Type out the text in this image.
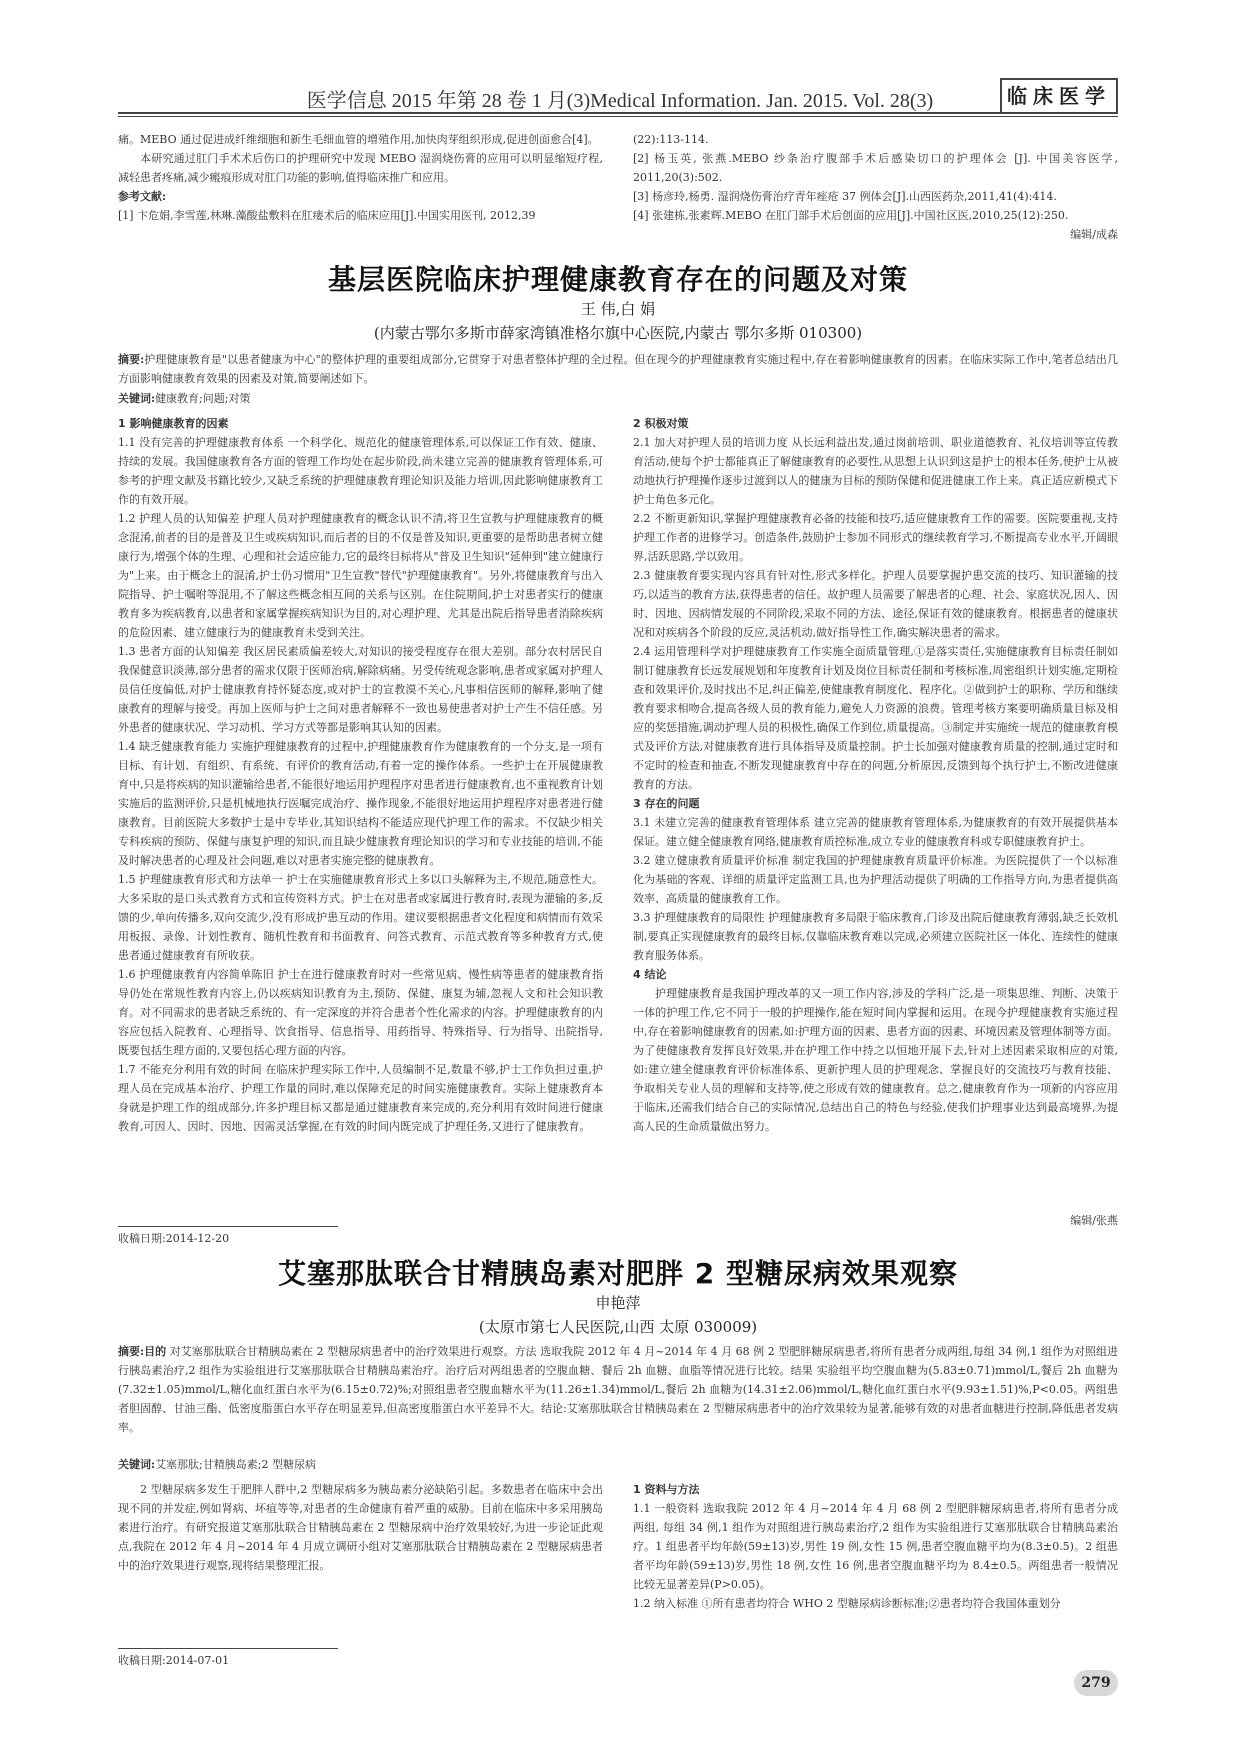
医学信息 2015 年第 28 卷 1 月(3)Medical Information. Jan. 2015. Vol. 28(3)	临床医学

痛。MEBO 通过促进成纤维细胞和新生毛细血管的增殖作用,加快肉芽组织形成,促进创面愈合[4]。

本研究通过肛门手术术后伤口的护理研究中发现 MEBO 湿润烧伤膏的应用可以明显缩短疗程,减轻患者疼痛,减少瘢痕形成对肛门功能的影响,值得临床推广和应用。

参考文献:

[1] 卞危娟,李雪莲,林琳.藻酸盐敷料在肛瘘术后的临床应用[J].中国实用医刊, 2012,39

(22):113-114.

[2] 杨玉英, 张燕.MEBO 纱条治疗腹部手术后感染切口的护理体会 [J]. 中国美容医学, 2011,20(3):502.

[3] 杨彦玲,杨勇. 湿润烧伤膏治疗青年痤疮 37 例体会[J].山西医药杂,2011,41(4):414.

[4] 张建栋,张素辉.MEBO 在肛门部手术后创面的应用[J].中国社区医,2010,25(12):250.

编辑/成森

基层医院临床护理健康教育存在的问题及对策
王 伟,白 娟
(内蒙古鄂尔多斯市薛家湾镇准格尔旗中心医院,内蒙古 鄂尔多斯 010300)
摘要:护理健康教育是"以患者健康为中心"的整体护理的重要组成部分,它贯穿于对患者整体护理的全过程。但在现今的护理健康教育实施过程中,存在着影响健康教育的因素。在临床实际工作中,笔者总结出几方面影响健康教育效果的因素及对策,简要阐述如下。
关键词:健康教育;问题;对策

1 影响健康教育的因素

1.1 没有完善的护理健康教育体系 一个科学化、规范化的健康管理体系,可以保证工作有效、健康、持续的发展。我国健康教育各方面的管理工作均处在起步阶段,尚未建立完善的健康教育管理体系,可参考的护理文献及书籍比较少,又缺乏系统的护理健康教育理论知识及能力培训,因此影响健康教育工作的有效开展。

1.2 护理人员的认知偏差 护理人员对护理健康教育的概念认识不清,将卫生宣教与护理健康教育的概念混淆,前者的目的是普及卫生或疾病知识,而后者的目的不仅是普及知识,更重要的是帮助患者树立健康行为,增强个体的生理、心理和社会适应能力,它的最终目标将从"普及卫生知识"延伸到"建立健康行为"上来。由于概念上的混淆,护士仍习惯用"卫生宣教"替代"护理健康教育"。另外,将健康教育与出入院指导、护士嘱咐等混用,不了解这些概念相互间的关系与区别。在住院期间,护士对患者实行的健康教育多为疾病教育,以患者和家属掌握疾病知识为目的,对心理护理、尤其是出院后指导患者消除疾病的危险因素、建立健康行为的健康教育未受到关注。

1.3 患者方面的认知偏差 我区居民素质偏差较大,对知识的接受程度存在很大差别。部分农村居民自我保健意识淡薄,部分患者的需求仅限于医师治病,解除病痛。另受传统观念影响,患者或家属对护理人员信任度偏低,对护士健康教育持怀疑态度,或对护士的宣教漠不关心,凡事相信医师的解释,影响了健康教育的理解与接受。再加上医师与护士之间对患者解释不一致也易使患者对护士产生不信任感。另外患者的健康状况、学习动机、学习方式等都是影响其认知的因素。

1.4 缺乏健康教育能力 实施护理健康教育的过程中,护理健康教育作为健康教育的一个分支,是一项有目标、有计划、有组织、有系统、有评价的教育活动,有着一定的操作体系。一些护士在开展健康教育中,只是将疾病的知识灌输给患者,不能很好地运用护理程序对患者进行健康教育,也不重视教育计划实施后的监测评价,只是机械地执行医嘱完成治疗、操作现象,不能很好地运用护理程序对患者进行健康教育。目前医院大多数护士是中专毕业,其知识结构不能适应现代护理工作的需求。不仅缺少相关专科疾病的预防、保健与康复护理的知识,而且缺少健康教育理论知识的学习和专业技能的培训,不能及时解决患者的心理及社会问题,难以对患者实施完整的健康教育。

1.5 护理健康教育形式和方法单一 护士在实施健康教育形式上多以口头解释为主,不规范,随意性大。大多采取的是口头式教育方式和宣传资料方式。护士在对患者或家属进行教育时,表现为灌输的多,反馈的少,单向传播多,双向交流少,没有形成护患互动的作用。建议要根据患者文化程度和病情而有效采用板报、录像、计划性教育、随机性教育和书面教育、问答式教育、示范式教育等多种教育方式,使患者通过健康教育有所收获。

1.6 护理健康教育内容简单陈旧 护士在进行健康教育时对一些常见病、慢性病等患者的健康教育指导仍处在常规性教育内容上,仍以疾病知识教育为主,预防、保健、康复为辅,忽视人文和社会知识教育。对不同需求的患者缺乏系统的、有一定深度的并符合患者个性化需求的内容。护理健康教育的内容应包括入院教育、心理指导、饮食指导、信息指导、用药指导、特殊指导、行为指导、出院指导,既要包括生理方面的,又要包括心理方面的内容。

1.7 不能充分利用有效的时间 在临床护理实际工作中,人员编制不足,数量不够,护士工作负担过重,护理人员在完成基本治疗、护理工作量的同时,难以保障充足的时间实施健康教育。实际上健康教育本身就是护理工作的组成部分,许多护理目标又都是通过健康教育来完成的,充分利用有效时间进行健康教育,可因人、因时、因地、因需灵活掌握,在有效的时间内既完成了护理任务,又进行了健康教育。

2 积极对策

2.1 加大对护理人员的培训力度 从长远利益出发,通过岗前培训、职业道德教育、礼仪培训等宣传教育活动,使每个护士都能真正了解健康教育的必要性,从思想上认识到这是护士的根本任务,使护士从被动地执行护理操作逐步过渡到以人的健康为目标的预防保健和促进健康工作上来。真正适应新模式下护士角色多元化。

2.2 不断更新知识,掌握护理健康教育必备的技能和技巧,适应健康教育工作的需要。医院要重视,支持护理工作者的进修学习。创造条件,鼓励护士参加不同形式的继续教育学习,不断提高专业水平,开阔眼界,活跃思路,学以致用。

2.3 健康教育要实现内容具有针对性,形式多样化。护理人员要掌握护患交流的技巧、知识灌输的技巧,以适当的教育方法,获得患者的信任。故护理人员需要了解患者的心理、社会、家庭状况,因人、因时、因地、因病情发展的不同阶段,采取不同的方法、途径,保证有效的健康教育。根据患者的健康状况和对疾病各个阶段的反应,灵活机动,做好指导性工作,确实解决患者的需求。

2.4 运用管理科学对护理健康教育工作实施全面质量管理,①是落实责任,实施健康教育目标责任制如制订健康教育长远发展规划和年度教育计划及岗位目标责任制和考核标准,周密组织计划实施,定期检查和效果评价,及时找出不足,纠正偏差,使健康教育制度化、程序化。②做到护士的职称、学历和继续教育要求相吻合,提高各级人员的教育能力,避免人力资源的浪费。管理考核方案要明确质量目标及相应的奖惩措施,调动护理人员的积极性,确保工作到位,质量提高。③制定并实施统一规范的健康教育模式及评价方法,对健康教育进行具体指导及质量控制。护士长加强对健康教育质量的控制,通过定时和不定时的检查和抽查,不断发现健康教育中存在的问题,分析原因,反馈到每个执行护士,不断改进健康教育的方法。

3 存在的问题

3.1 未建立完善的健康教育管理体系 建立完善的健康教育管理体系,为健康教育的有效开展提供基本保证。建立健全健康教育网络,健康教育质控标准,成立专业的健康教育科或专职健康教育护士。

3.2 建立健康教育质量评价标准 制定我国的护理健康教育质量评价标准。为医院提供了一个以标准化为基础的客观、详细的质量评定监测工具,也为护理活动提供了明确的工作指导方向,为患者提供高效率、高质量的健康教育工作。

3.3 护理健康教育的局限性 护理健康教育多局限于临床教育,门诊及出院后健康教育薄弱,缺乏长效机制,要真正实现健康教育的最终目标,仅靠临床教育难以完成,必须建立医院社区一体化、连续性的健康教育服务体系。

4 结论

护理健康教育是我国护理改革的又一项工作内容,涉及的学科广泛,是一项集思维、判断、决策于一体的护理工作,它不同于一般的护理操作,能在短时间内掌握和运用。在现今护理健康教育实施过程中,存在着影响健康教育的因素,如:护理方面的因素、患者方面的因素、环境因素及管理体制等方面。为了使健康教育发挥良好效果,并在护理工作中持之以恒地开展下去,针对上述因素采取相应的对策,如:建立建全健康教育评价标准体系、更新护理人员的护理观念、掌握良好的交流技巧与教育技能、争取相关专业人员的理解和支持等,使之形成有效的健康教育。总之,健康教育作为一项新的内容应用于临床,还需我们结合自己的实际情况,总结出自己的特色与经验,使我们护理事业达到最高境界,为提高人民的生命质量做出努力。

编辑/张燕
收稿日期:2014-12-20
艾塞那肽联合甘精胰岛素对肥胖 2 型糖尿病效果观察
申艳萍
(太原市第七人民医院,山西 太原 030009)
摘要:目的 对艾塞那肽联合甘精胰岛素在 2 型糖尿病患者中的治疗效果进行观察。方法 选取我院 2012 年 4 月~2014 年 4 月 68 例 2 型肥胖糖尿病患者,将所有患者分成两组,每组 34 例,1 组作为对照组进行胰岛素治疗,2 组作为实验组进行艾塞那肽联合甘精胰岛素治疗。治疗后对两组患者的空腹血糖、餐后 2h 血糖、血脂等情况进行比较。结果 实验组平均空腹血糖为(5.83±0.71)mmol/L,餐后 2h 血糖为(7.32±1.05)mmol/L,糖化血红蛋白水平为(6.15±0.72)%;对照组患者空腹血糖水平为(11.26±1.34)mmol/L,餐后 2h 血糖为(14.31±2.06)mmol/L,糖化血红蛋白水平(9.93±1.51)%,P<0.05。两组患者胆固醇、甘油三酯、低密度脂蛋白水平存在明显差异,但高密度脂蛋白水平差异不大。结论:艾塞那肽联合甘精胰岛素在 2 型糖尿病患者中的治疗效果较为显著,能够有效的对患者血糖进行控制,降低患者发病率。
关键词:艾塞那肽;甘精胰岛素;2 型糖尿病

2 型糖尿病多发生于肥胖人群中,2 型糖尿病多为胰岛素分泌缺陷引起。多数患者在临床中会出现不同的并发症,例如肾病、坏疽等等,对患者的生命健康有着严重的威胁。目前在临床中多采用胰岛素进行治疗。有研究报道艾塞那肽联合甘精胰岛素在 2 型糖尿病中治疗效果较好,为进一步论证此观点,我院在 2012 年 4 月~2014 年 4 月成立调研小组对艾塞那肽联合甘精胰岛素在 2 型糖尿病患者中的治疗效果进行观察,现将结果整理汇报。

1 资料与方法

1.1 一般资料 选取我院 2012 年 4 月~2014 年 4 月 68 例 2 型肥胖糖尿病患者,将所有患者分成两组, 每组 34 例,1 组作为对照组进行胰岛素治疗,2 组作为实验组进行艾塞那肽联合甘精胰岛素治疗。1 组患者平均年龄(59±13)岁,男性 19 例,女性 15 例,患者空腹血糖平均为(8.3±0.5)。2 组患者平均年龄(59±13)岁,男性 18 例,女性 16 例,患者空腹血糖平均为 8.4±0.5。两组患者一般情况比较无显著差异(P>0.05)。

1.2 纳入标准 ①所有患者均符合 WHO 2 型糖尿病诊断标准;②患者均符合我国体重划分

收稿日期:2014-07-01
279
